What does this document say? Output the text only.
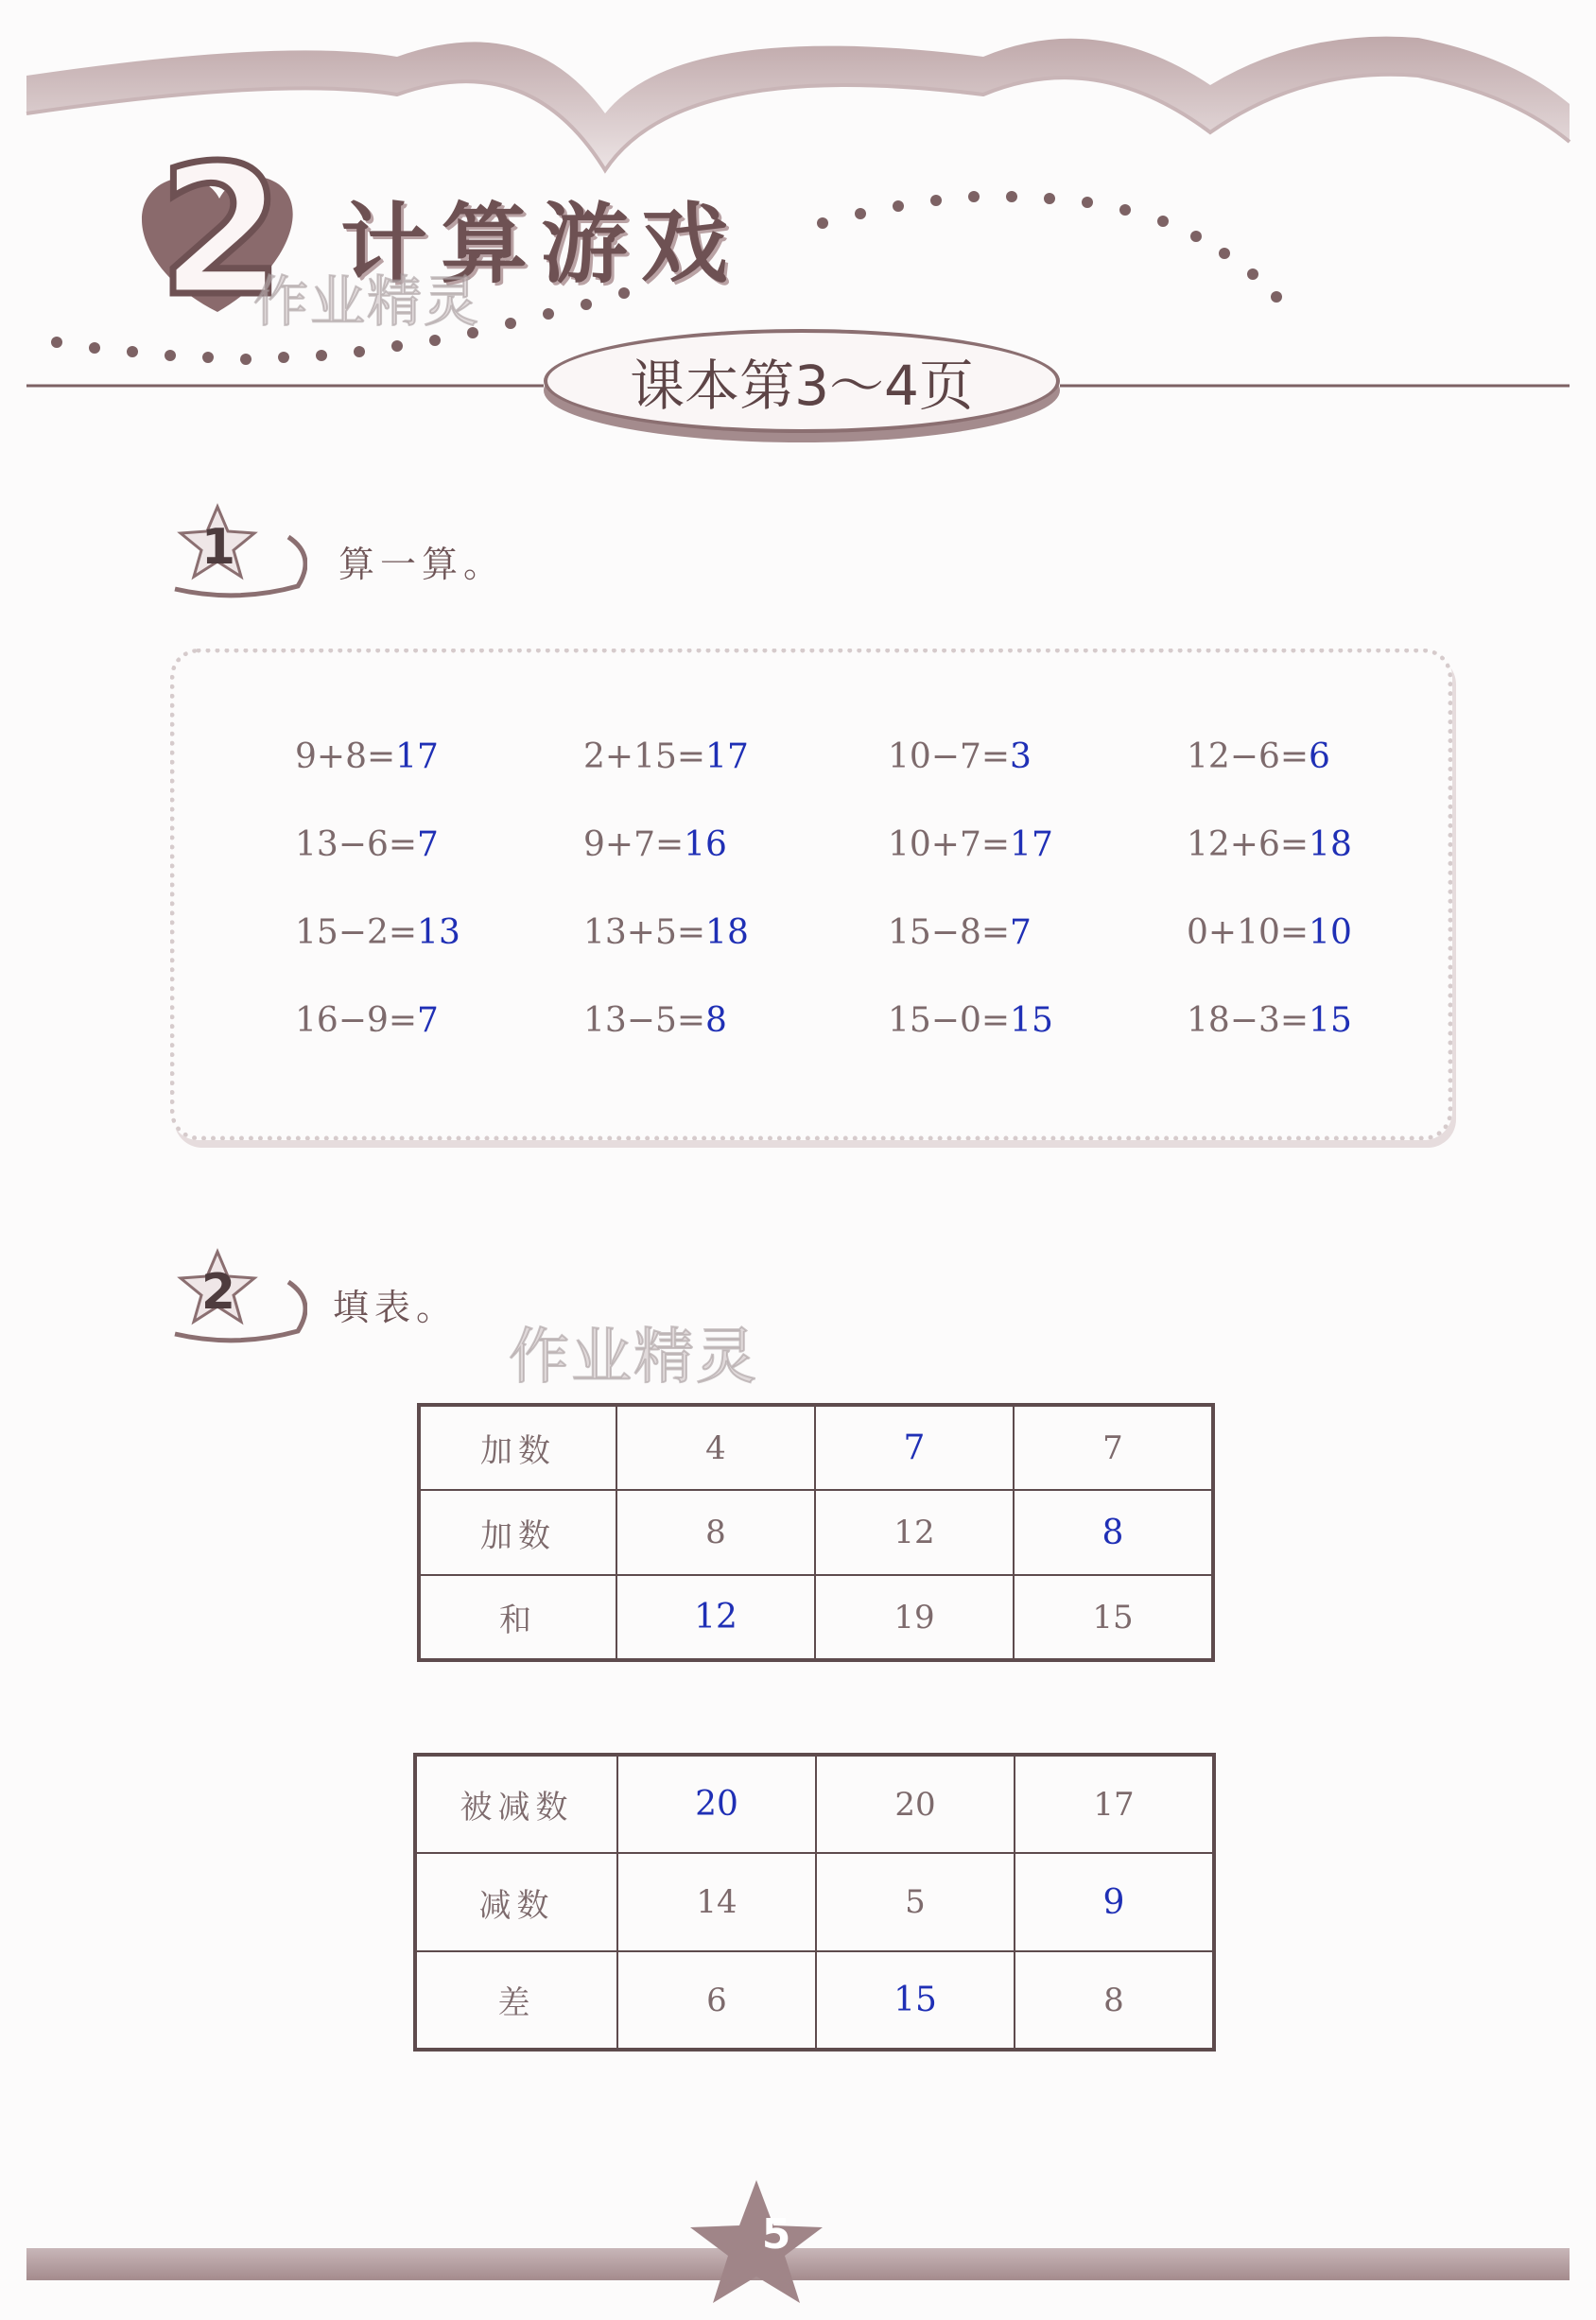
2 计算游戏
作业精灵
课本第3～4页
1	算一算。
9+8=17	2+15=17	10−7=3	12−6=6
13−6=7	9+7=16	10+7=17	12+6=18
15−2=13	13+5=18	15−8=7	0+10=10
16−9=7	13−5=8	15−0=15	18−3=15
2	填表。
作业精灵
加数	4	7	7
加数	8	12	8
和	12	19	15
被减数	20	20	17
减数	14	5	9
差	6	15	8
5
